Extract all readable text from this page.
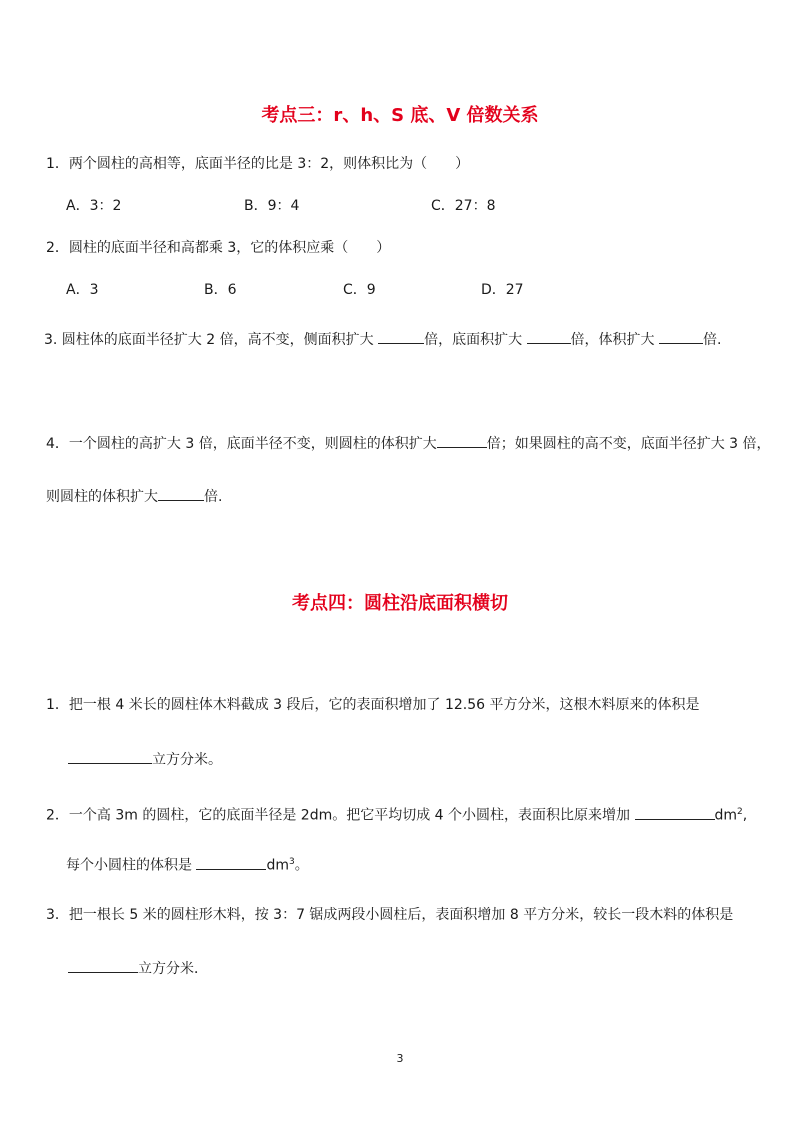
考点三：r、h、S 底、V 倍数关系
1．两个圆柱的高相等，底面半径的比是 3：2，则体积比为（　　）
A．3：2	B．9：4	C．27：8
2．圆柱的底面半径和高都乘 3，它的体积应乘（　　）
A．3	B．6	C．9	D．27
3. 圆柱体的底面半径扩大 2 倍，高不变，侧面积扩大	倍，底面积扩大	倍，体积扩大	倍.
4．一个圆柱的高扩大 3 倍，底面半径不变，则圆柱的体积扩大	倍；如果圆柱的高不变，底面半径扩大 3 倍，
则圆柱的体积扩大	倍.
考点四：圆柱沿底面积横切
1．把一根 4 米长的圆柱体木料截成 3 段后，它的表面积增加了 12.56 平方分米，这根木料原来的体积是
立方分米。
2．一个高 3m 的圆柱，它的底面半径是 2dm。把它平均切成 4 个小圆柱，表面积比原来增加	$dm^2$,
每个小圆柱的体积是	$dm^3$。
3．把一根长 5 米的圆柱形木料，按 3：7 锯成两段小圆柱后，表面积增加 8 平方分米，较长一段木料的体积是
立方分米．
3
